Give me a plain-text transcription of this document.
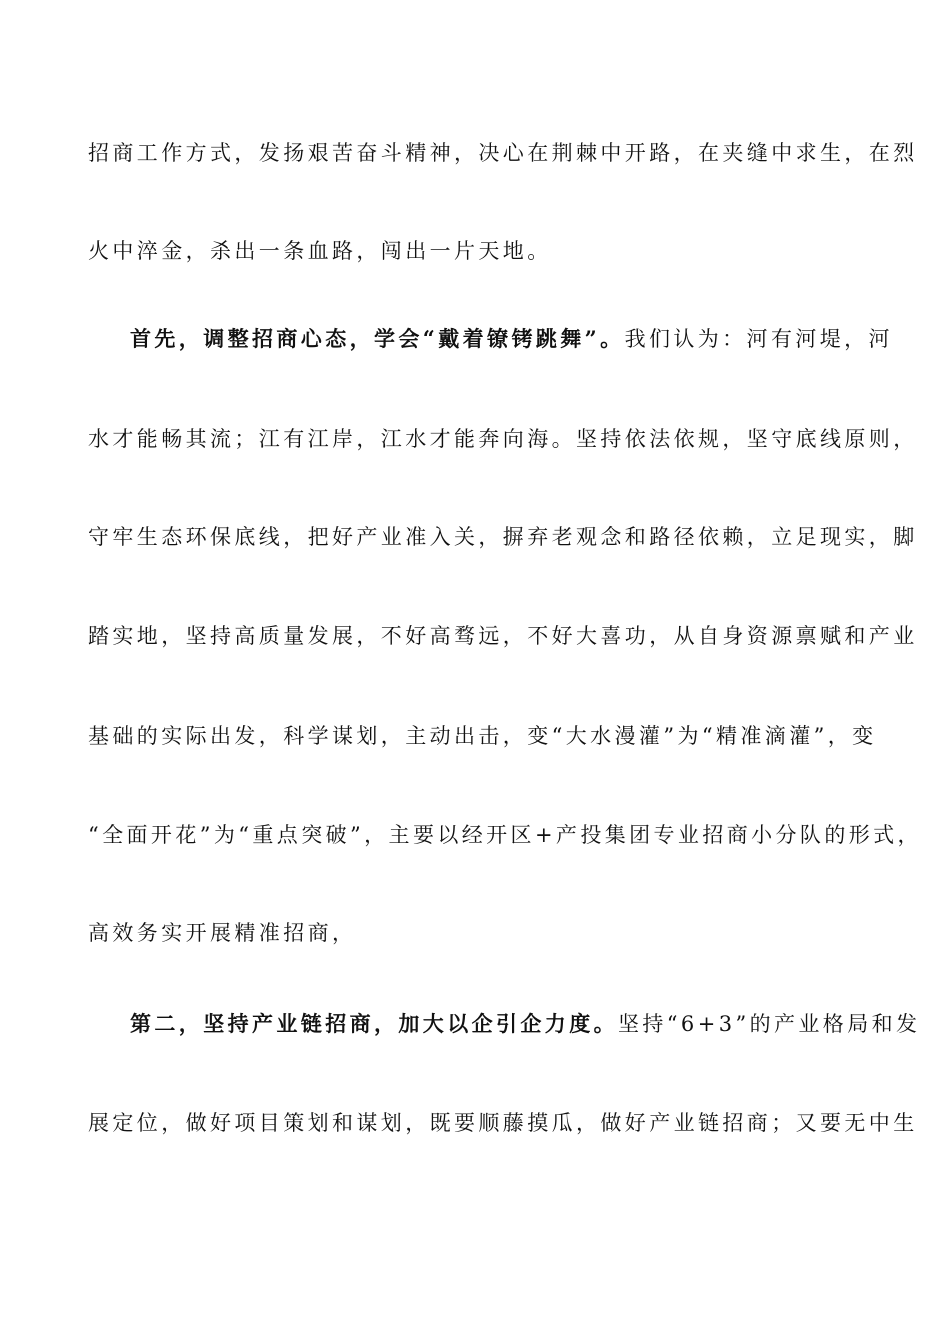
招商工作方式，发扬艰苦奋斗精神，决心在荆棘中开路，在夹缝中求生，在烈
火中淬金，杀出一条血路，闯出一片天地。
首先，调整招商心态，学会“戴着镣铐跳舞”。我们认为：河有河堤，河
水才能畅其流；江有江岸，江水才能奔向海。坚持依法依规，坚守底线原则，
守牢生态环保底线，把好产业准入关，摒弃老观念和路径依赖，立足现实，脚
踏实地，坚持高质量发展，不好高骛远，不好大喜功，从自身资源禀赋和产业
基础的实际出发，科学谋划，主动出击，变“大水漫灌”为“精准滴灌”，变
“全面开花”为“重点突破”，主要以经开区+产投集团专业招商小分队的形式，
高效务实开展精准招商，
第二，坚持产业链招商，加大以企引企力度。坚持“6+3”的产业格局和发
展定位，做好项目策划和谋划，既要顺藤摸瓜，做好产业链招商；又要无中生
